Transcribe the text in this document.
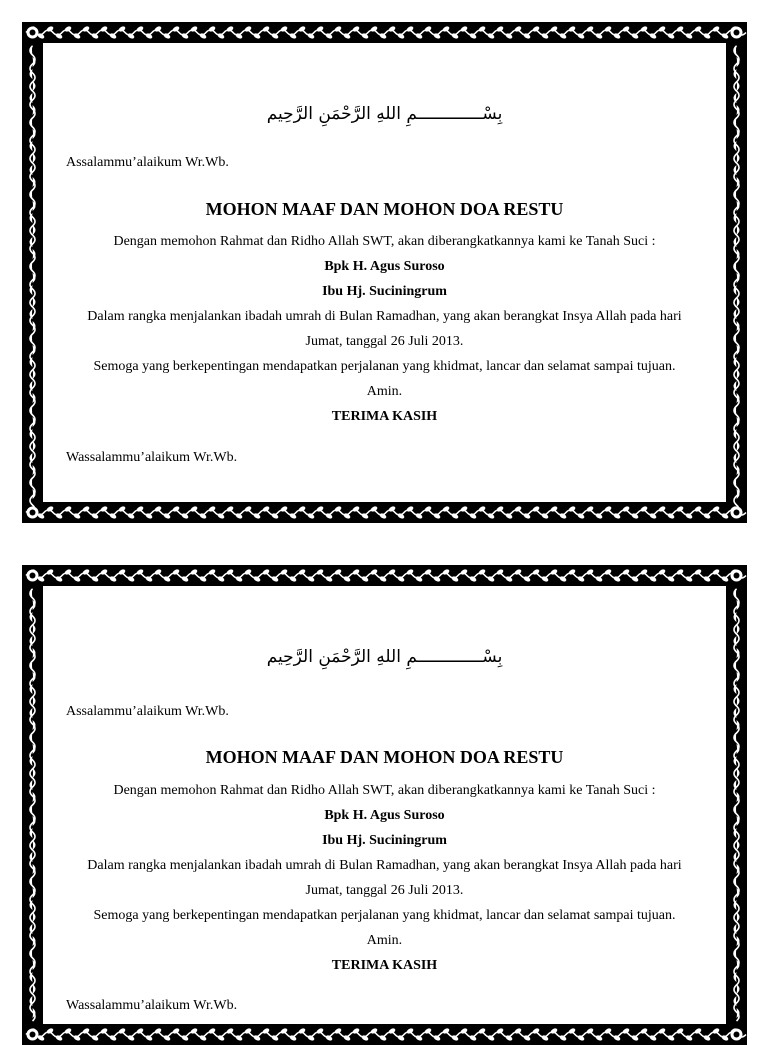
بِسْـــــــــــــمِ اللهِ الرَّحْمَنِ الرَّحِيم
Assalammu’alaikum Wr.Wb.
MOHON MAAF DAN MOHON DOA RESTU
Dengan memohon Rahmat dan Ridho Allah SWT, akan diberangkatkannya kami ke Tanah Suci :
Bpk H. Agus Suroso
Ibu Hj. Suciningrum
Dalam rangka menjalankan ibadah umrah di Bulan Ramadhan, yang akan berangkat Insya Allah pada hari
Jumat, tanggal 26 Juli 2013.
Semoga yang berkepentingan mendapatkan perjalanan yang khidmat, lancar dan selamat sampai tujuan.
Amin.
TERIMA KASIH
Wassalammu’alaikum Wr.Wb.
بِسْـــــــــــــمِ اللهِ الرَّحْمَنِ الرَّحِيم
Assalammu’alaikum Wr.Wb.
MOHON MAAF DAN MOHON DOA RESTU
Dengan memohon Rahmat dan Ridho Allah SWT, akan diberangkatkannya kami ke Tanah Suci :
Bpk H. Agus Suroso
Ibu Hj. Suciningrum
Dalam rangka menjalankan ibadah umrah di Bulan Ramadhan, yang akan berangkat Insya Allah pada hari
Jumat, tanggal 26 Juli 2013.
Semoga yang berkepentingan mendapatkan perjalanan yang khidmat, lancar dan selamat sampai tujuan.
Amin.
TERIMA KASIH
Wassalammu’alaikum Wr.Wb.
